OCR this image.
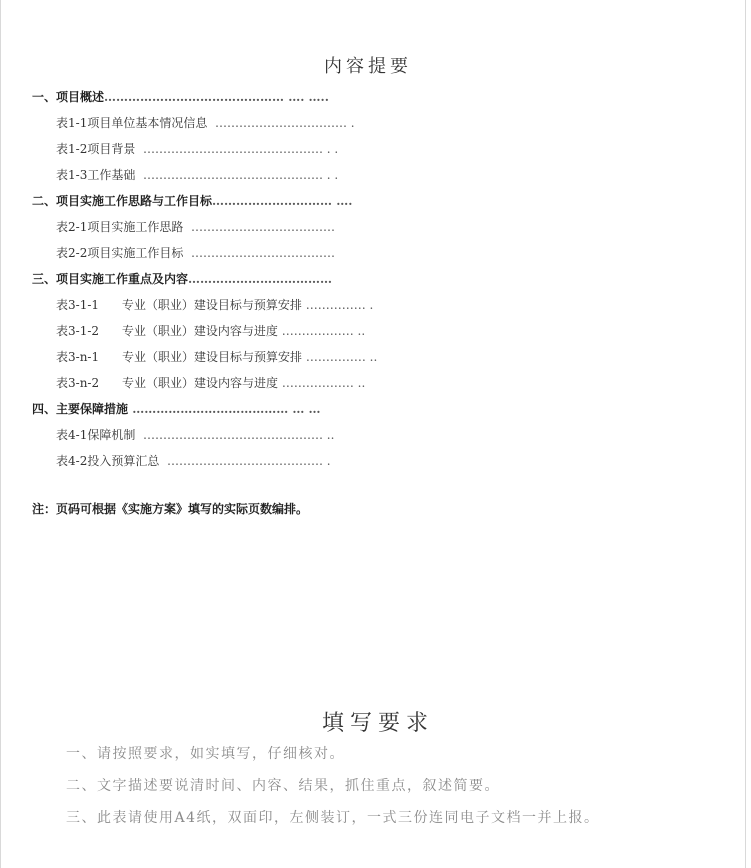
内容提要
一、项目概述……………………………………… …. …..
表1-1项目单位基本情况信息  …………………………… .
表1-2项目背景  ……………………………………… . .
表1-3工作基础  ……………………………………… . .
二、项目实施工作思路与工作目标………………………… ….
表2-1项目实施工作思路  ………………………………
表2-2项目实施工作目标  ………………………………
三、项目实施工作重点及内容………………………………
表3-1-1      专业（职业）建设目标与预算安排 …………… .
表3-1-2      专业（职业）建设内容与进度 ……………… ..
表3-n-1      专业（职业）建设目标与预算安排 …………… ..
表3-n-2      专业（职业）建设内容与进度 ……………… ..
四、主要保障措施 ………………………………… … …
表4-1保障机制  ……………………………………… ..
表4-2投入预算汇总  ………………………………… .
注：页码可根据《实施方案》填写的实际页数编排。
填写要求
一、请按照要求，如实填写，仔细核对。
二、文字描述要说清时间、内容、结果，抓住重点，叙述简要。
三、此表请使用A4纸，双面印，左侧装订，一式三份连同电子文档一并上报。
